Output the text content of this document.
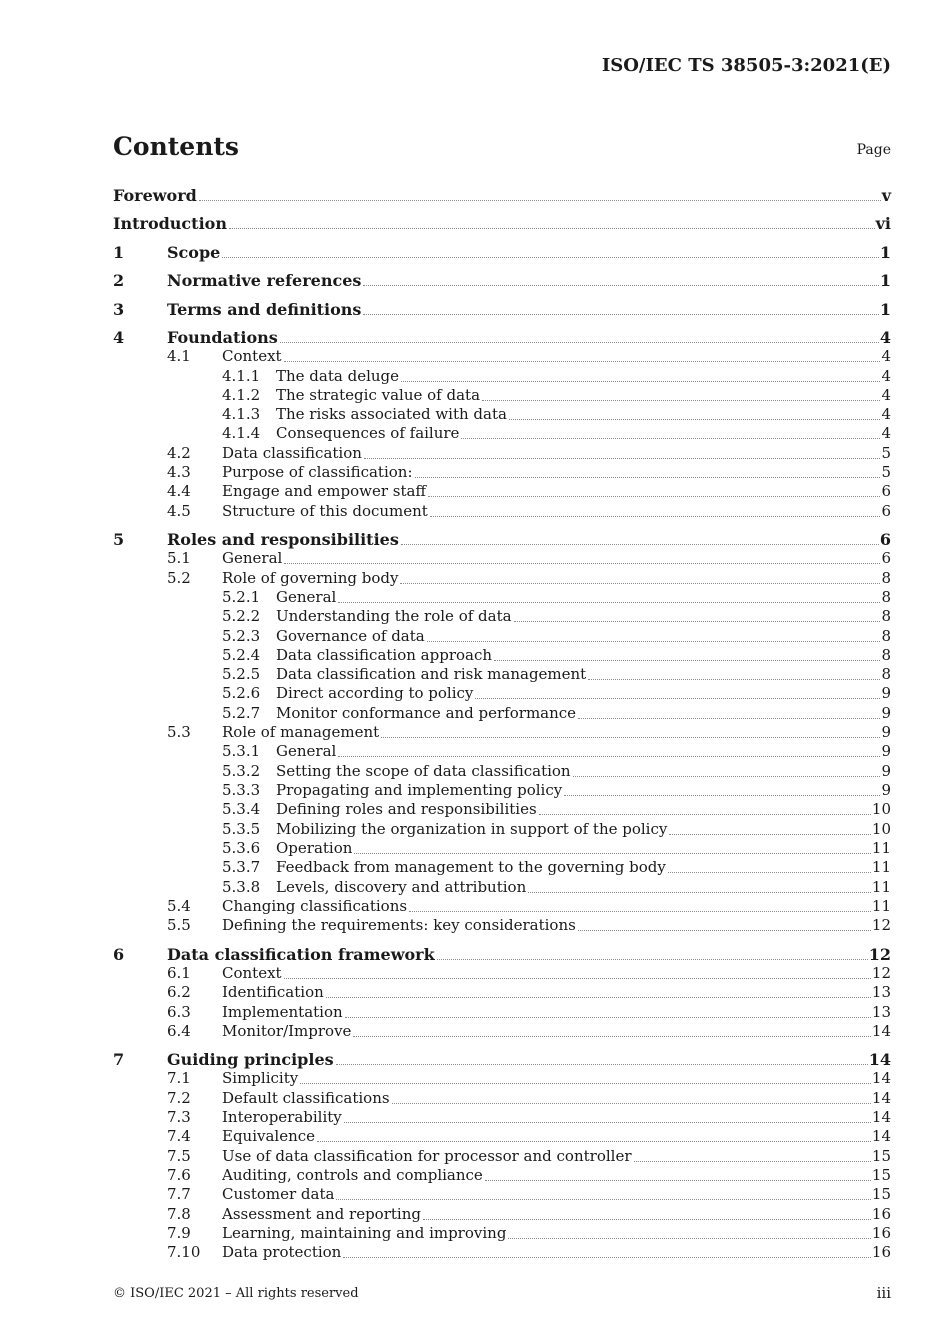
ISO/IEC TS 38505-3:2021(E)
Contents	Page
Foreword	v
Introduction	vi
1	Scope	1
2	Normative references	1
3	Terms and definitions	1
4	Foundations	4
4.1	Context	4
4.1.1	The data deluge	4
4.1.2	The strategic value of data	4
4.1.3	The risks associated with data	4
4.1.4	Consequences of failure	4
4.2	Data classification	5
4.3	Purpose of classification:	5
4.4	Engage and empower staff	6
4.5	Structure of this document	6
5	Roles and responsibilities	6
5.1	General	6
5.2	Role of governing body	8
5.2.1	General	8
5.2.2	Understanding the role of data	8
5.2.3	Governance of data	8
5.2.4	Data classification approach	8
5.2.5	Data classification and risk management	8
5.2.6	Direct according to policy	9
5.2.7	Monitor conformance and performance	9
5.3	Role of management	9
5.3.1	General	9
5.3.2	Setting the scope of data classification	9
5.3.3	Propagating and implementing policy	9
5.3.4	Defining roles and responsibilities	10
5.3.5	Mobilizing the organization in support of the policy	10
5.3.6	Operation	11
5.3.7	Feedback from management to the governing body	11
5.3.8	Levels, discovery and attribution	11
5.4	Changing classifications	11
5.5	Defining the requirements: key considerations	12
6	Data classification framework	12
6.1	Context	12
6.2	Identification	13
6.3	Implementation	13
6.4	Monitor/Improve	14
7	Guiding principles	14
7.1	Simplicity	14
7.2	Default classifications	14
7.3	Interoperability	14
7.4	Equivalence	14
7.5	Use of data classification for processor and controller	15
7.6	Auditing, controls and compliance	15
7.7	Customer data	15
7.8	Assessment and reporting	16
7.9	Learning, maintaining and improving	16
7.10	Data protection	16
© ISO/IEC 2021 – All rights reserved	iii
